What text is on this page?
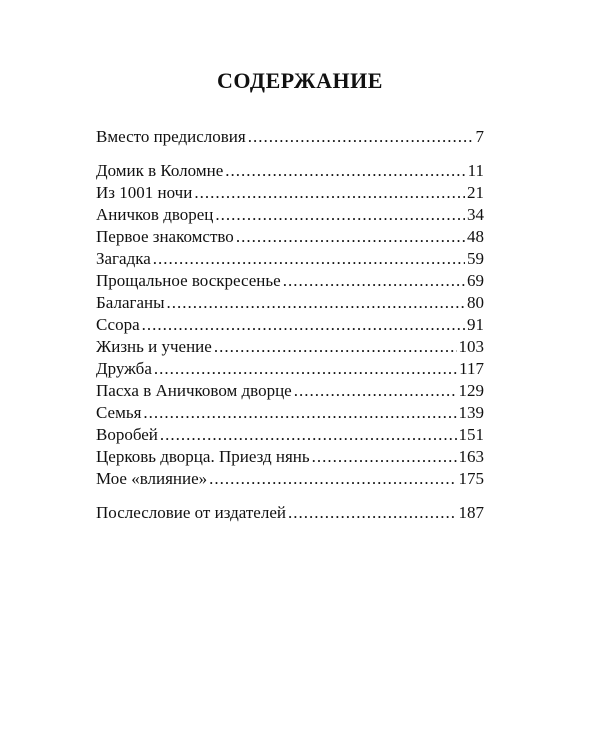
СОДЕРЖАНИЕ
Вместо предисловия .....	7
Домик в Коломне .....	11
Из 1001 ночи .....	21
Аничков дворец .....	34
Первое знакомство .....	48
Загадка .....	59
Прощальное воскресенье .....	69
Балаганы .....	80
Ссора .....	91
Жизнь и учение .....	103
Дружба .....	117
Пасха в Аничковом дворце .....	129
Семья .....	139
Воробей .....	151
Церковь дворца. Приезд нянь .....	163
Мое «влияние» .....	175
Послесловие от издателей .....	187
